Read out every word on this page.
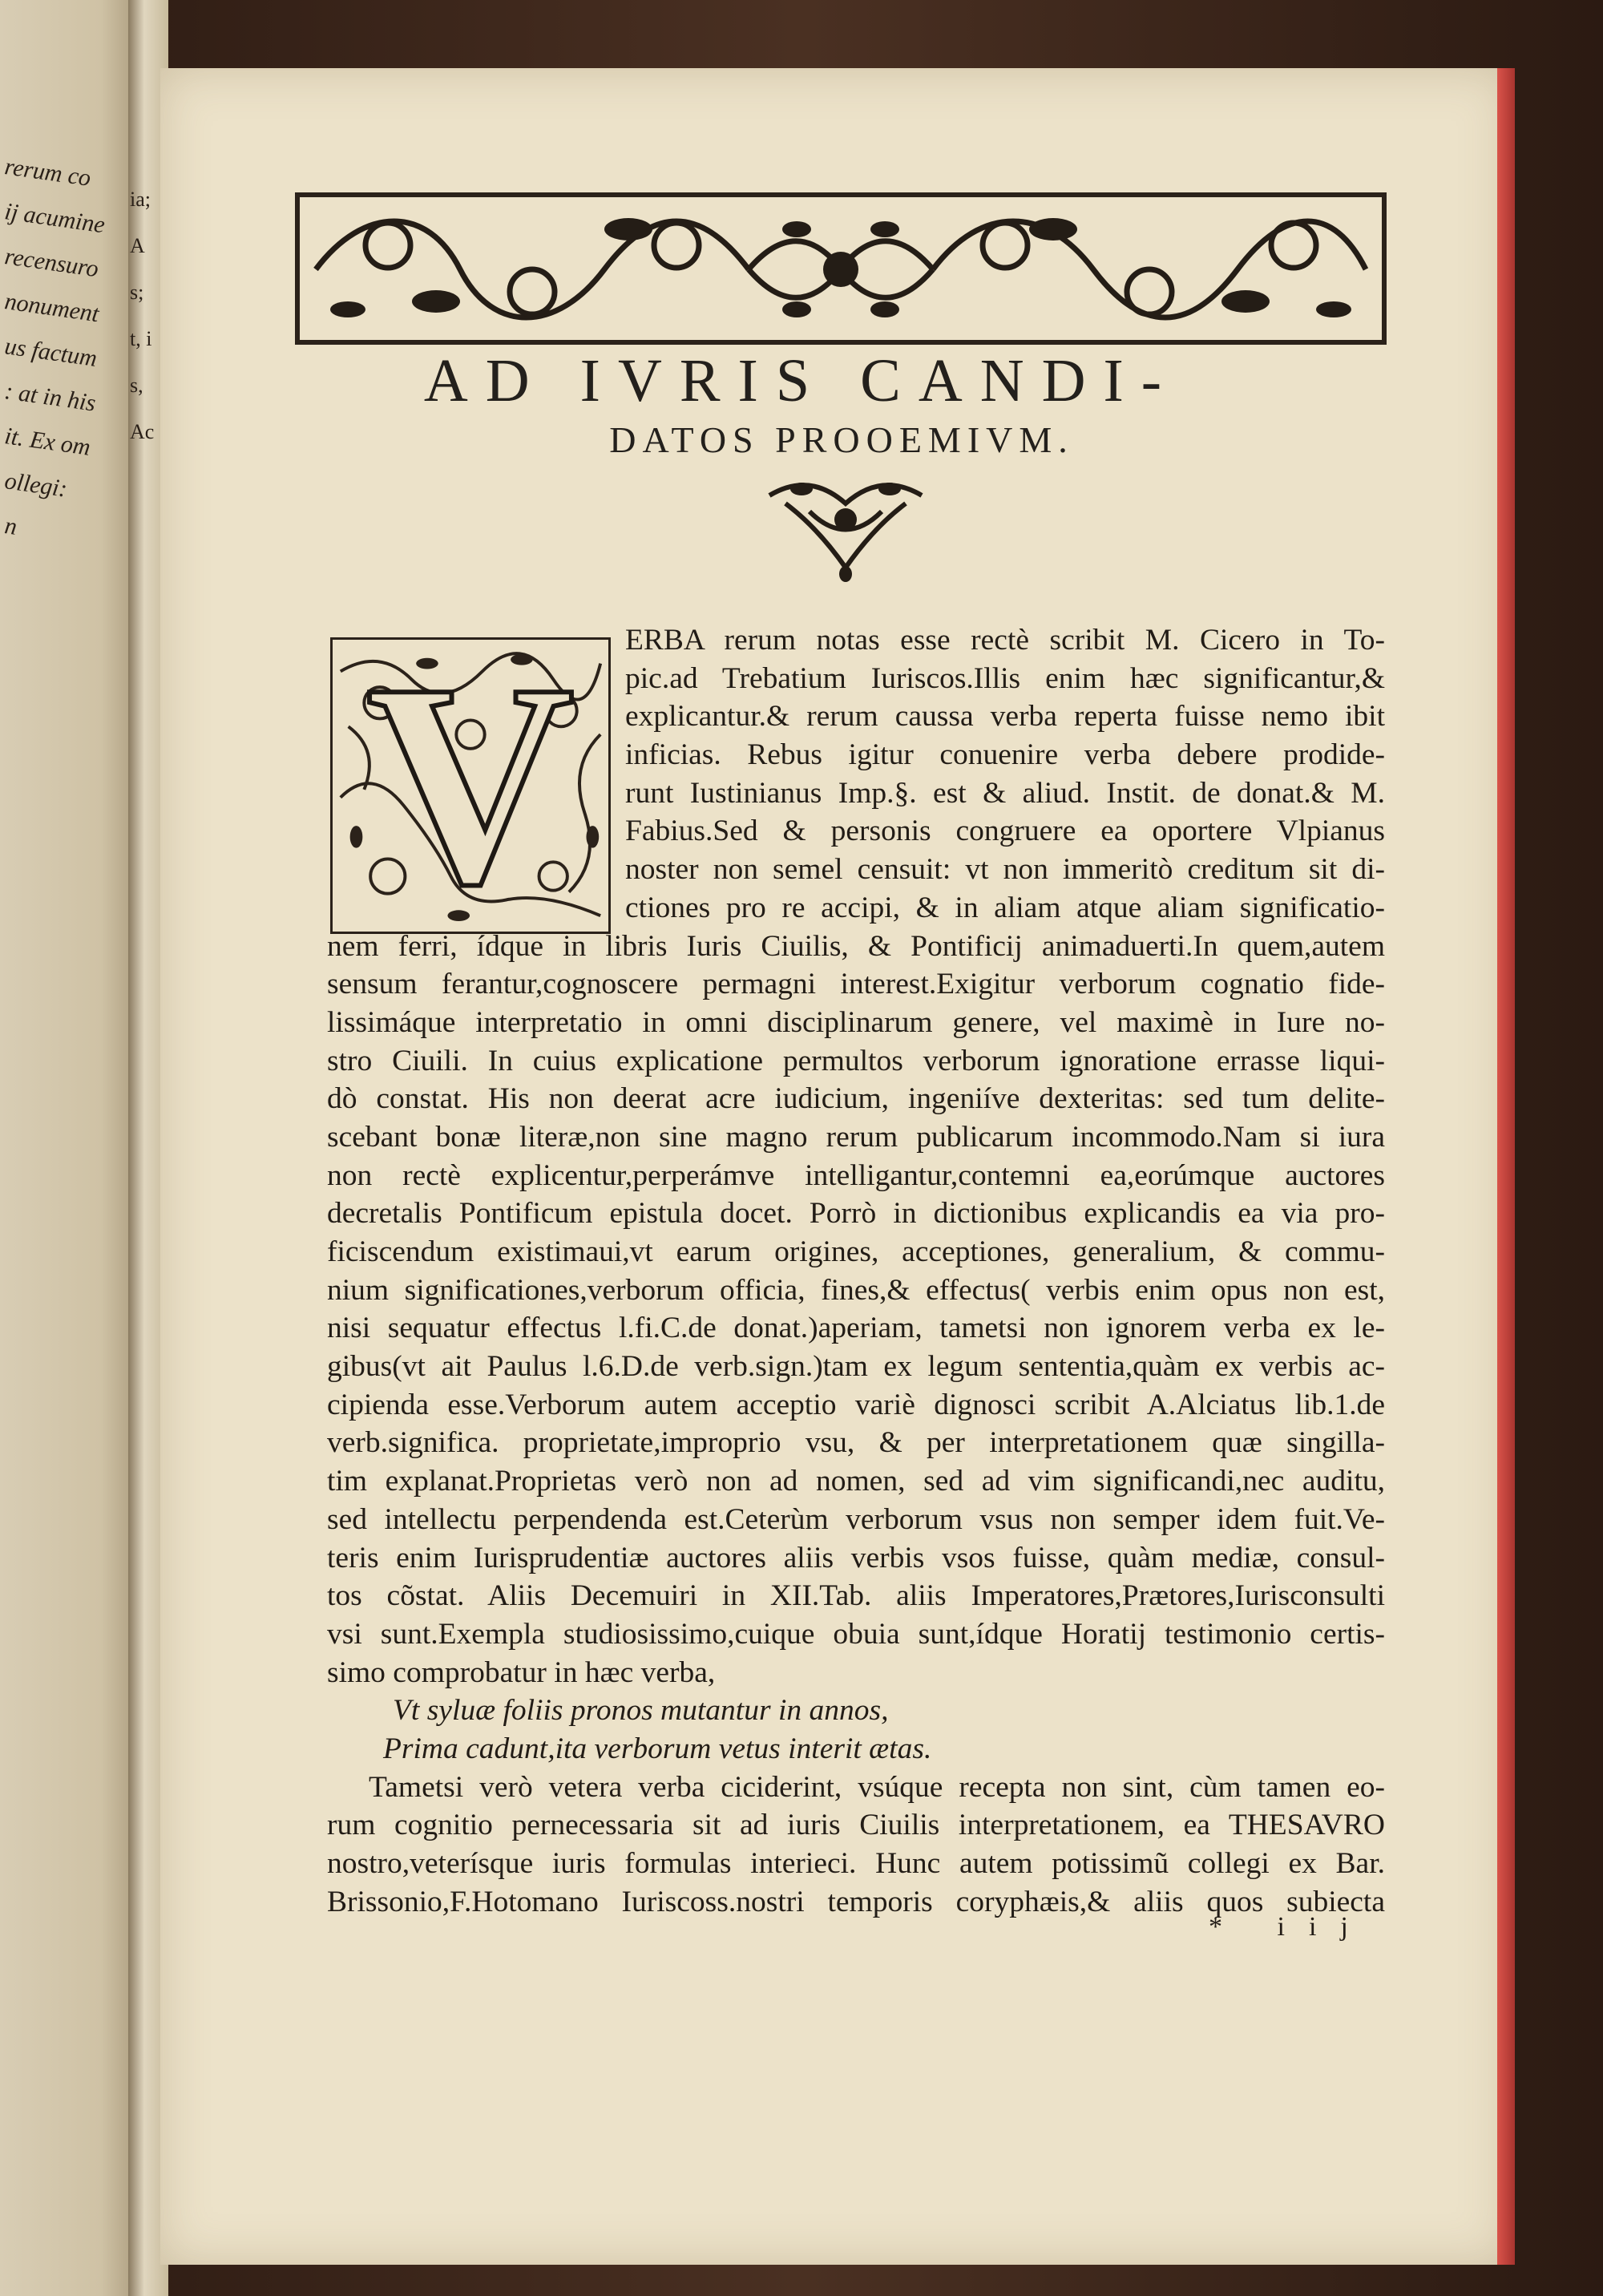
rerum co
ij acumine
recensuro
nonument
us factum
: at in his
it. Ex om
ollegi:
n
ia;
A
s;
t, i
s,
Ac
AD IVRIS CANDI-
DATOS PROOEMIVM.
V	ERBA rerum notas esse rectè scribit M. Cicero in To-
pic.ad Trebatium Iuriscos.Illis enim hæc significantur,&
explicantur.& rerum caussa verba reperta fuisse nemo ibit
inficias. Rebus igitur conuenire verba debere prodide-
runt Iustinianus Imp.§. est & aliud. Instit. de donat.& M.
Fabius.Sed & personis congruere ea oportere Vlpianus
noster non semel censuit: vt non immeritò creditum sit di-
ctiones pro re accipi, & in aliam atque aliam significatio-
nem ferri, ídque in libris Iuris Ciuilis, & Pontificij animaduerti.In quem,autem
sensum ferantur,cognoscere permagni interest.Exigitur verborum cognatio fide-
lissimáque interpretatio in omni disciplinarum genere, vel maximè in Iure no-
stro Ciuili. In cuius explicatione permultos verborum ignoratione errasse liqui-
dò constat. His non deerat acre iudicium, ingeniíve dexteritas: sed tum delite-
scebant bonæ literæ,non sine magno rerum publicarum incommodo.Nam si iura
non rectè explicentur,perperámve intelligantur,contemni ea,eorúmque auctores
decretalis Pontificum epistula docet. Porrò in dictionibus explicandis ea via pro-
ficiscendum existimaui,vt earum origines, acceptiones, generalium, & commu-
nium significationes,verborum officia, fines,& effectus( verbis enim opus non est,
nisi sequatur effectus l.fi.C.de donat.)aperiam, tametsi non ignorem verba ex le-
gibus(vt ait Paulus l.6.D.de verb.sign.)tam ex legum sententia,quàm ex verbis ac-
cipienda esse.Verborum autem acceptio variè dignosci scribit A.Alciatus lib.1.de
verb.significa. proprietate,improprio vsu, & per interpretationem quæ singilla-
tim explanat.Proprietas verò non ad nomen, sed ad vim significandi,nec auditu,
sed intellectu perpendenda est.Ceterùm verborum vsus non semper idem fuit.Ve-
teris enim Iurisprudentiæ auctores aliis verbis vsos fuisse, quàm mediæ, consul-
tos cõstat. Aliis Decemuiri in XII.Tab. aliis Imperatores,Prætores,Iurisconsulti
vsi sunt.Exempla studiosissimo,cuique obuia sunt,ídque Horatij testimonio certis-
simo comprobatur in hæc verba,
Vt syluæ foliis pronos mutantur in annos,
Prima cadunt,ita verborum vetus interit ætas.
Tametsi verò vetera verba ciciderint, vsúque recepta non sint, cùm tamen eo-
rum cognitio pernecessaria sit ad iuris Ciuilis interpretationem, ea THESAVRO
nostro,veterísque iuris formulas interieci. Hunc autem potissimũ collegi ex Bar.
Brissonio,F.Hotomano Iuriscoss.nostri temporis coryphæis,& aliis quos subiecta
* iij
